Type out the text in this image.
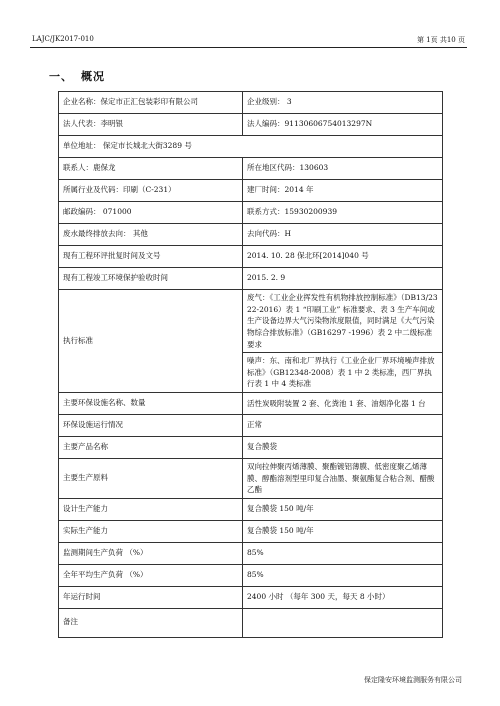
LAJC/JK2017-010	第 1页 共10 页
一、 概况
企业名称：保定市正汇包装彩印有限公司	企业级别： 3
法人代表：李明银	法人编码：91130606754013297N
单位地址： 保定市长城北大街3289 号	
联系人：鹿保龙	所在地区代码：130603
所属行业及代码：印刷（C-231）	建厂时间：2014 年
邮政编码： 071000	联系方式：15930200939
废水最终排放去向： 其他	去向代码：H
现有工程环评批复时间及文号	2014. 10. 28 保北环[2014]040 号
现有工程竣工环境保护验收时间	2015. 2. 9
执行标准	废气：《工业企业挥发性有机物排放控制标准》（DB13/2322-2016）表 1 “印刷工业” 标准要求、表 3 生产车间或生产设备边界大气污染物浓度限值，同时满足《大气污染物综合排放标准》（GB16297 -1996）表 2 中二级标准要求
噪声：东、南和北厂界执行《工业企业厂界环境噪声排放标准》（GB12348-2008）表 1 中 2 类标准，西厂界执行表 1 中 4 类标准

主要环保设施名称、数量	活性炭吸附装置 2 套、化粪池 1 套、油烟净化器 1 台
环保设施运行情况	正常
主要产品名称	复合膜袋
主要生产原料	双向拉伸聚丙烯薄膜、聚酯镀铝薄膜、低密度聚乙烯薄膜、醇酯溶剂型里印复合油墨、聚氨酯复合粘合剂、醋酸乙酯
设计生产能力	复合膜袋 150 吨/年
实际生产能力	复合膜袋 150 吨/年
监测期间生产负荷 （%）	85%
全年平均生产负荷 （%）	85%
年运行时间	2400 小时 （每年 300 天，每天 8 小时）
备注	
保定隆安环境监测服务有限公司
